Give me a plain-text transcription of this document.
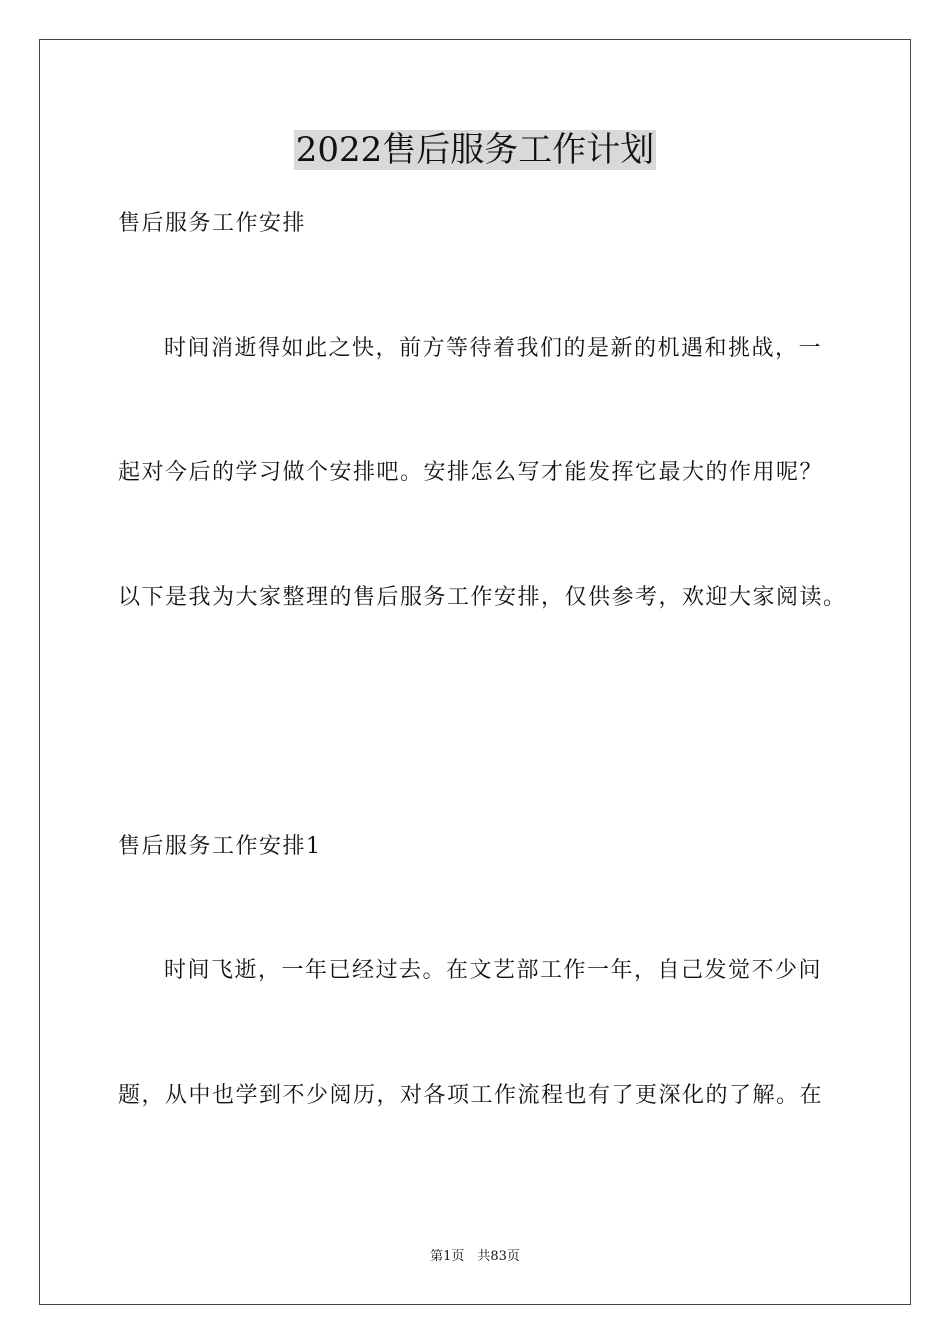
2022售后服务工作计划

售后服务工作安排

时间消逝得如此之快，前方等待着我们的是新的机遇和挑战，一

起对今后的学习做个安排吧。安排怎么写才能发挥它最大的作用呢？

以下是我为大家整理的售后服务工作安排，仅供参考，欢迎大家阅读。

售后服务工作安排1

时间飞逝，一年已经过去。在文艺部工作一年，自己发觉不少问

题，从中也学到不少阅历，对各项工作流程也有了更深化的了解。在

第1页　共83页
